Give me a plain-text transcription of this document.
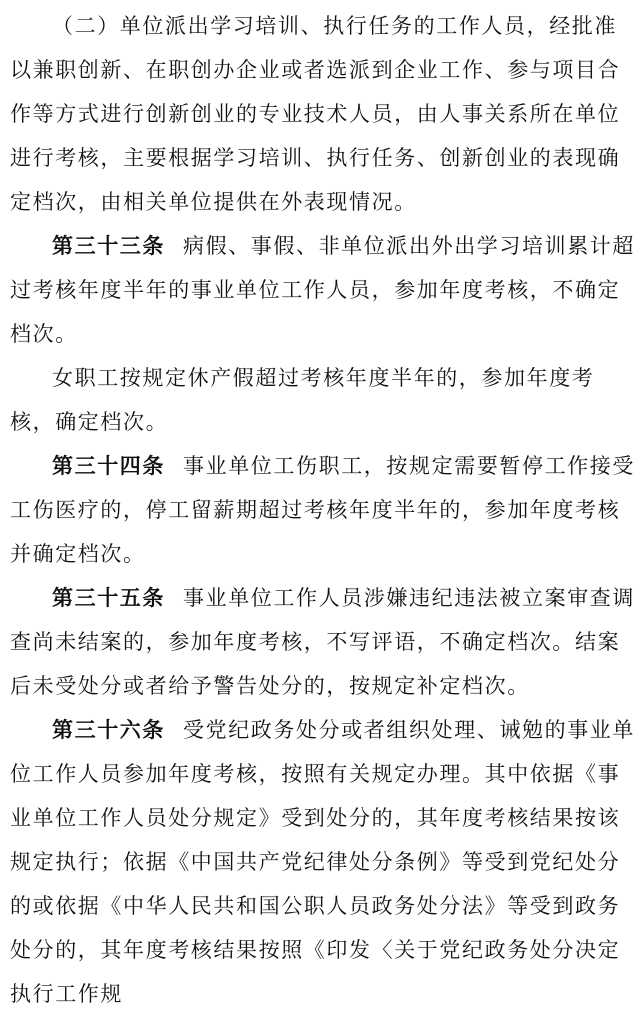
（二）单位派出学习培训、执行任务的工作人员，经批准以兼职创新、在职创办企业或者选派到企业工作、参与项目合作等方式进行创新创业的专业技术人员，由人事关系所在单位进行考核，主要根据学习培训、执行任务、创新创业的表现确定档次，由相关单位提供在外表现情况。

第三十三条 病假、事假、非单位派出外出学习培训累计超过考核年度半年的事业单位工作人员，参加年度考核，不确定档次。

女职工按规定休产假超过考核年度半年的，参加年度考核，确定档次。

第三十四条 事业单位工伤职工，按规定需要暂停工作接受工伤医疗的，停工留薪期超过考核年度半年的，参加年度考核并确定档次。

第三十五条 事业单位工作人员涉嫌违纪违法被立案审查调查尚未结案的，参加年度考核，不写评语，不确定档次。结案后未受处分或者给予警告处分的，按规定补定档次。

第三十六条 受党纪政务处分或者组织处理、诫勉的事业单位工作人员参加年度考核，按照有关规定办理。其中依据《事业单位工作人员处分规定》受到处分的，其年度考核结果按该规定执行；依据《中国共产党纪律处分条例》等受到党纪处分的或依据《中华人民共和国公职人员政务处分法》等受到政务处分的，其年度考核结果按照《印发〈关于党纪政务处分决定执行工作规
